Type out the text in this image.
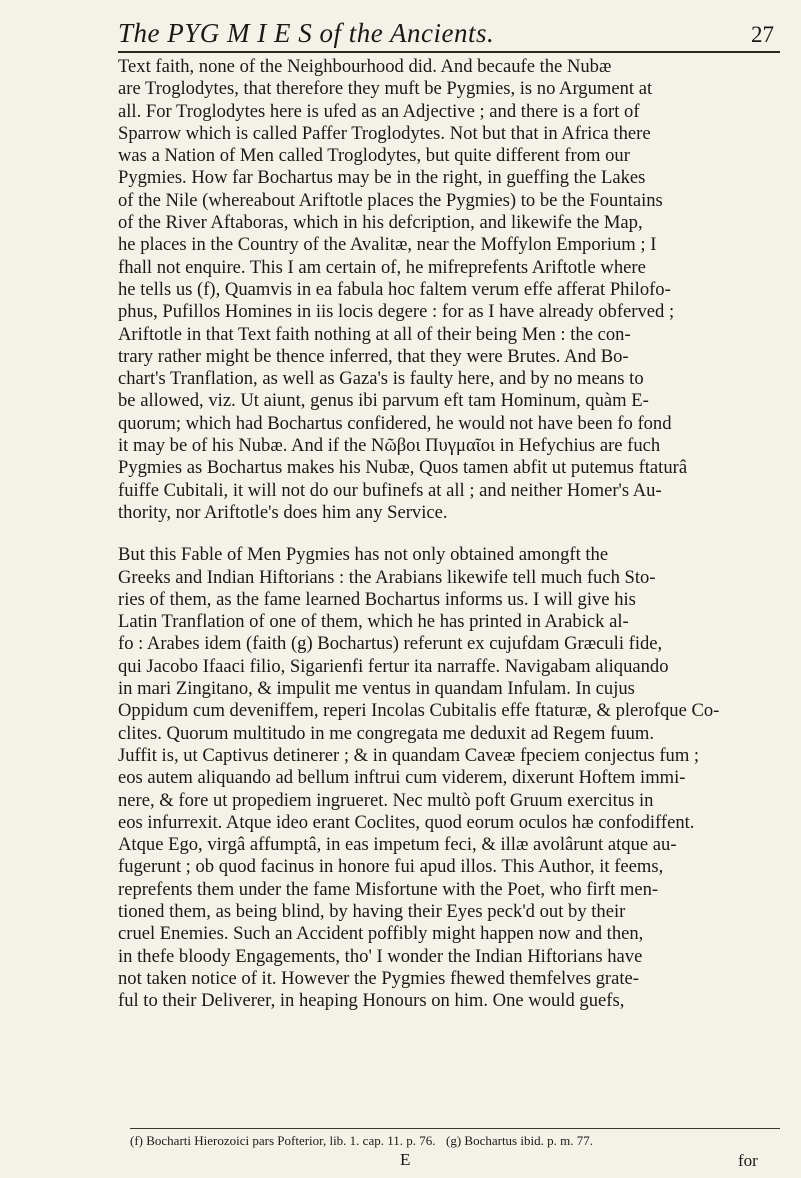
The PYG M I E S of the Ancients.	27
Text faith, none of the Neighbourhood did. And becaufe the Nubæ
are Troglodytes, that therefore they muft be Pygmies, is no Argument at
all. For Troglodytes here is ufed as an Adjective ; and there is a fort of
Sparrow which is called Paffer Troglodytes. Not but that in Africa there
was a Nation of Men called Troglodytes, but quite different from our
Pygmies. How far Bochartus may be in the right, in gueffing the Lakes
of the Nile (whereabout Ariftotle places the Pygmies) to be the Fountains
of the River Aftaboras, which in his defcription, and likewife the Map,
he places in the Country of the Avalitæ, near the Moffylon Emporium ; I
fhall not enquire. This I am certain of, he mifreprefents Ariftotle where
he tells us (f), Quamvis in ea fabula hoc faltem verum effe afferat Philofo-
phus, Pufillos Homines in iis locis degere : for as I have already obferved ;
Ariftotle in that Text faith nothing at all of their being Men : the con-
trary rather might be thence inferred, that they were Brutes. And Bo-
chart's Tranflation, as well as Gaza's is faulty here, and by no means to
be allowed, viz. Ut aiunt, genus ibi parvum eft tam Hominum, quàm E-
quorum; which had Bochartus confidered, he would not have been fo fond
it may be of his Nubæ. And if the Νῶβοι Πυγμαῖοι in Hefychius are fuch
Pygmies as Bochartus makes his Nubæ, Quos tamen abfit ut putemus ftaturâ
fuiffe Cubitali, it will not do our bufinefs at all ; and neither Homer's Au-
thority, nor Ariftotle's does him any Service.
But this Fable of Men Pygmies has not only obtained amongft the
Greeks and Indian Hiftorians : the Arabians likewife tell much fuch Sto-
ries of them, as the fame learned Bochartus informs us. I will give his
Latin Tranflation of one of them, which he has printed in Arabick al-
fo : Arabes idem (faith (g) Bochartus) referunt ex cujufdam Græculi fide,
qui Jacobo Ifaaci filio, Sigarienfi fertur ita narraffe. Navigabam aliquando
in mari Zingitano, & impulit me ventus in quandam Infulam. In cujus
Oppidum cum deveniffem, reperi Incolas Cubitalis effe ftaturæ, & plerofque Co-
clites. Quorum multitudo in me congregata me deduxit ad Regem fuum.
Juffit is, ut Captivus detinerer ; & in quandam Caveæ fpeciem conjectus fum ;
eos autem aliquando ad bellum inftrui cum viderem, dixerunt Hoftem immi-
nere, & fore ut propediem ingrueret. Nec multò poft Gruum exercitus in
eos infurrexit. Atque ideo erant Coclites, quod eorum oculos hæ confodiffent.
Atque Ego, virgâ affumptâ, in eas impetum feci, & illæ avolârunt atque au-
fugerunt ; ob quod facinus in honore fui apud illos. This Author, it feems,
reprefents them under the fame Misfortune with the Poet, who firft men-
tioned them, as being blind, by having their Eyes peck'd out by their
cruel Enemies. Such an Accident poffibly might happen now and then,
in thefe bloody Engagements, tho' I wonder the Indian Hiftorians have
not taken notice of it. However the Pygmies fhewed themfelves grate-
ful to their Deliverer, in heaping Honours on him. One would guefs,
(f) Bocharti Hierozoici pars Pofterior, lib. 1. cap. 11. p. 76. (g) Bochartus ibid. p. m. 77.
E	for
